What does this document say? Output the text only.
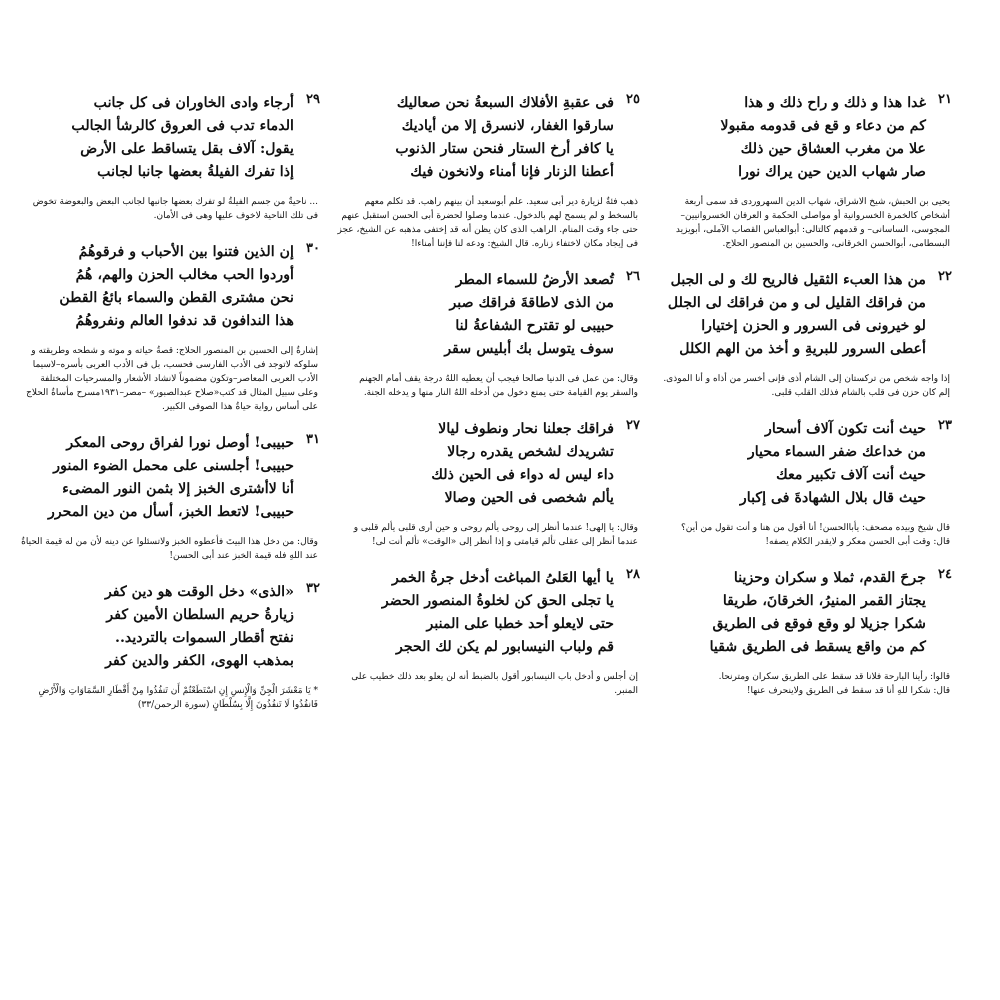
٢١
غدا هذا و ذلك و راح ذلك و هذا
كم من دعاء و قع فى قدومه مقبولا
علا من مغرب العشاق حين ذلك
صار شهاب الدين حين يراك نورا
يحيى بن الحبش، شيخ الاشراق، شهاب الدين السهروردى قد سمى أربعة أشخاص كالخمرة الخسروانية أو مواصلى الحكمة و العرفان الخسروانيين–المجوسى، الساسانى– و قدمهم كالتالى: أبوالعباس القصاب الآملى، أبويزيد البسطامى، أبوالحسن الخرقانى، والحسين بن المنصور الحلاج.
٢٢
من هذا العبء الثقيل فالريح لك و لى الجبل
من فراقك القليل لى و من فراقك لى الجلل
لو خيرونى فى السرور و الحزن إختيارا
أعطى السرور للبريةِ و أخذ من الهم الكلل
إذا واجه شخص من تركستان إلى الشام أذى فإنى أخسر من أذاه و أنا الموذى. إلم كان حزن فى قلب بالشام فذلك القلب قلبى.
٢٣
حيث أنت تكون آلاف أسحار
من خداعك ضفر السماء محيار
حيث أنت آلاف تكبير معك
حيث قال بلال الشهادةَ فى إكبار
قال شيخ وبيده مصحف: يأباالحسن! أنا أقول من هنا و أنت تقول من أين؟
قال: وقت أبى الحسن معكر و لايقدر الكلام يصفه!
٢٤
جرحَ القدم، ثملا و سكران وحزينا
يجتاز القمر المنيرُ، الخرقانَ، طريقا
شكرا جزيلا لو وقع فوقع فى الطريق
كم من واقع يسقط فى الطريق شقيا
قالوا: رأينا البارحة فلانا قد سقط على الطريق سكران ومترنحا.
قال: شكرا للهِ أنا قد سقط فى الطريق ولاينحرف عنها!
٢٥
فى عقبةِ الأفلاك السبعةُ نحن صعاليك
سارقوا الغفار، لانسرق إلا من أياديك
يا كافر أرخ الستار فنحن ستار الذنوب
أعطنا الزنار فإنا أمناء ولانخون فيك
ذهب فئةٌ لزيارة دير أبى سعيد. علم أبوسعيد أن بينهم راهب. قد تكلم معهم بالسخط و لم يسمح لهم بالدخول. عندما وصلوا لحضرة أبى الحسن استقبل عنهم حتى جاء وقت المنام. الراهب الذى كان يظن أنه قد إختفى مذهبه عن الشيخ، عجز فى إيجاد مكان لاختفاء زناره. قال الشيخ: ودعه لنا فإننا أمناءا!
٢٦
تُصعد الأرضُ للسماء المطر
من الذى لاطاقةَ فراقك صبر
حبيبى لو تقترح الشفاعةُ لنا
سوف يتوسل بك أبليس سقر
وقال: من عمل فى الدنيا صالحا فيجب أن يعطيه اللهُ درجة يقف أمام الجهنم والسقر يوم القيامة حتى يمنع دخول من أدخله اللهُ النار منها و يدخله الجنة.
٢٧
فراقك جعلنا نحار ونطوف ليالا
تشريدك لشخص يقدره رجالا
داء ليس له دواء فى الحين ذلك
يألم شخصى فى الحين وصالا
وقال: يا إلهى! عندما أنظر إلى روحى يألم روحى و حين أرى قلبى يألم قلبى و عندما أنظر إلى عقلى تألم قيامتى و إذا أنظر إلى «الوقت» تألم أنت لى!
٢٨
يا أيها العَلىُ المباغت أدخل جرةُ الخمر
يا تجلى الحق كن لخلوةُ المنصور الحضر
حتى لايعلو أحد خطبا على المنبر
قم ولباب النيسابور لم يكن لك الحجر
إن أجلس و أدخل باب النيسابور أقول بالضبط أنه لن يعلو بعد ذلك خطيب على المنبر.
٢٩
أرجاء وادى الخاوران فى كل جانب
الدماء تدب فى العروق كالرشأ الجالب
يقول: آلاف بقل يتساقط على الأرض
إذا تفرك الفيلةُ بعضها جانبا لجانب
... ناحيةٌ من جسم الفيلةُ لو تفرك بعضها جانبها لجانب البعض والبعوضة تخوض فى تلك الناحية لاخوف عليها وهى فى الأمان.
٣٠
إن الذين فتنوا بين الأحباب و فرقوهُمُ
أوردوا الحب مخالب الحزن والهم، هُمُ
نحن مشترى القطن والسماء بائعُ القطن
هذا الندافون قد ندفوا العالم ونفروهُمُ
إشارةُ إلى الحسين بن المنصور الحلاج: قصةُ حياته و موته و شطحه وطريقته و سلوكه لاتوجد فى الأدب الفارسى فحسب، بل فى الأدب العربى بأسره–لاسيما الأدب العربى المعاصر–وتكون مضموناً لانشاد الأشعار والمسرحيات المختلفة وعلى سبيل المثال قد كتب«صلاح عبدالصبور» –مصر–١٩٣١مسرح مأساةُ الحلاج على أساس رواية حياةُ هذا الصوفى الكبير.
٣١
حبيبى! أوصل نورا لفراق روحى المعكر
حبيبى! أجلسنى على محمل الضوء المنور
أنا لاأشترى الخبز إلا بثمن النور المضىء
حبيبى! لاتعط الخبز، أسأل من دين المحرر
وقال: من دخل هذا البيتَ فأعطوه الخبز ولاتسئلوا عن دينه لأن من له قيمة الحياةُ عند اللهِ فله قيمة الخبز عند أبى الحسن!
٣٢
«الذى» دخل الوقت هو دين كفر
زيارةُ حريم السلطان الأمين كفر
نفتح أقطار السموات بالترديد..
بمذهب الهوى، الكفر والدين كفر
* يَا مَعْشَرَ الْجِنِّ وَالْإِنسِ إِنِ اسْتَطَعْتُمْ أَن تَنفُذُوا مِنْ أَقْطَارِ السَّمَاوَاتِ وَالْأَرْضِ فَانفُذُوا لَا تَنفُذُونَ إِلَّا بِسُلْطَانٍ (سورة الرحمن/٣٣)
